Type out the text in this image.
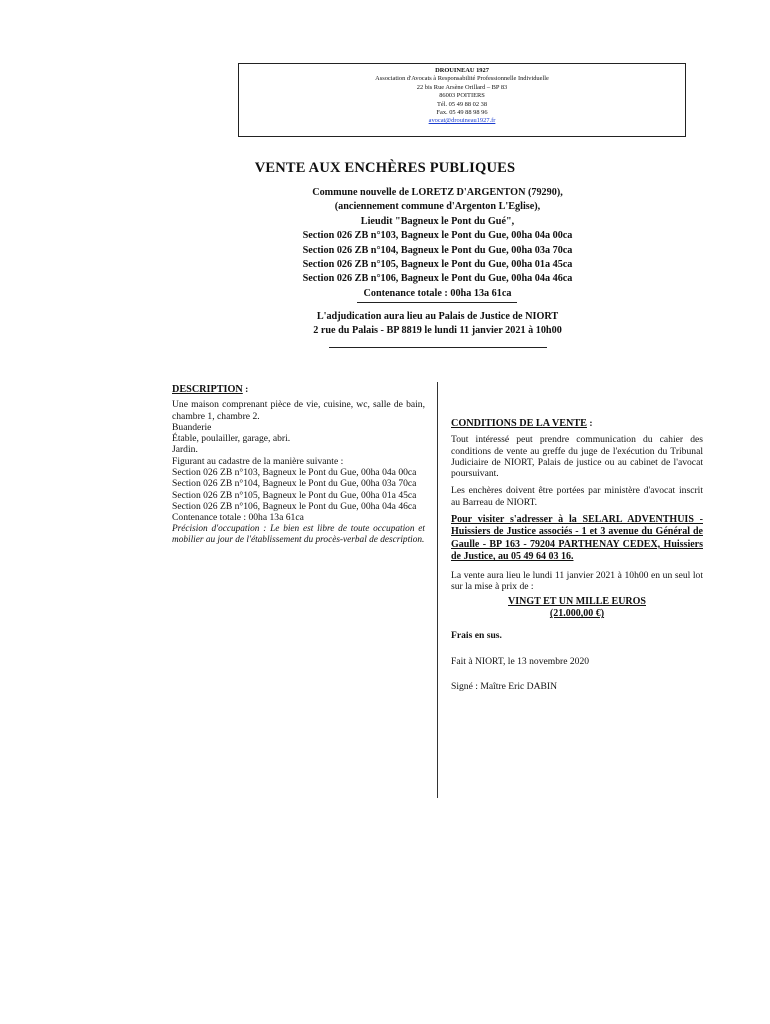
DROUINEAU 1927
Association d'Avocats à Responsabilité Professionnelle Individuelle
22 bis Rue Arsène Orillard – BP 83
86003 POITIERS
Tél. 05 49 88 02 38
Fax. 05 49 88 98 96
avocat@drouineau1927.fr
VENTE AUX ENCHÈRES PUBLIQUES
Commune nouvelle de LORETZ D'ARGENTON (79290),
(anciennement commune d'Argenton L'Eglise),
Lieudit "Bagneux le Pont du Gué",
Section 026 ZB n°103, Bagneux le Pont du Gue, 00ha 04a 00ca
Section 026 ZB n°104, Bagneux le Pont du Gue, 00ha 03a 70ca
Section 026 ZB n°105, Bagneux le Pont du Gue, 00ha 01a 45ca
Section 026 ZB n°106, Bagneux le Pont du Gue, 00ha 04a 46ca
Contenance totale : 00ha 13a 61ca
L'adjudication aura lieu au Palais de Justice de NIORT
2 rue du Palais - BP 8819 le lundi 11 janvier 2021 à 10h00

DESCRIPTION :

Une maison comprenant pièce de vie, cuisine, wc, salle de bain, chambre 1, chambre 2.

Buanderie

Étable, poulailler, garage, abri.

Jardin.

Figurant au cadastre de la manière suivante :

Section 026 ZB n°103, Bagneux le Pont du Gue, 00ha 04a 00ca

Section 026 ZB n°104, Bagneux le Pont du Gue, 00ha 03a 70ca

Section 026 ZB n°105, Bagneux le Pont du Gue, 00ha 01a 45ca

Section 026 ZB n°106, Bagneux le Pont du Gue, 00ha 04a 46ca

Contenance totale : 00ha 13a 61ca

Précision d'occupation : Le bien est libre de toute occupation et mobilier au jour de l'établissement du procès-verbal de description.

CONDITIONS DE LA VENTE :

Tout intéressé peut prendre communication du cahier des conditions de vente au greffe du juge de l'exécution du Tribunal Judiciaire de NIORT, Palais de justice ou au cabinet de l'avocat poursuivant.

Les enchères doivent être portées par ministère d'avocat inscrit au Barreau de NIORT.

Pour visiter s'adresser à la SELARL ADVENTHUIS - Huissiers de Justice associés - 1 et 3 avenue du Général de Gaulle - BP 163 - 79204 PARTHENAY CEDEX, Huissiers de Justice, au 05 49 64 03 16.

La vente aura lieu le lundi 11 janvier 2021 à 10h00 en un seul lot sur la mise à prix de :

VINGT ET UN MILLE EUROS
(21.000,00 €)

Frais en sus.

Fait à NIORT, le 13 novembre 2020

Signé : Maître Eric DABIN
